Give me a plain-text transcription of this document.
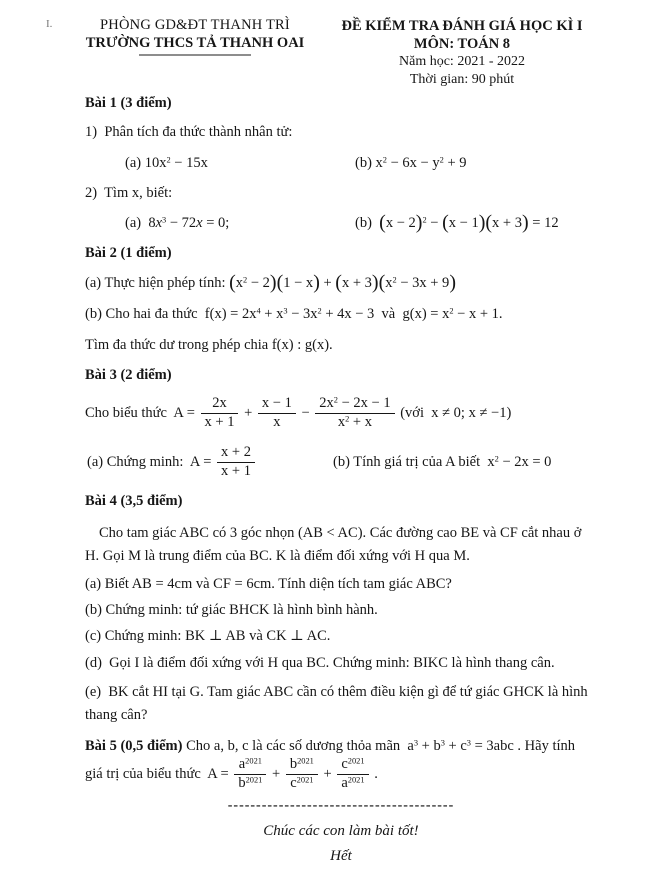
I.	PHÒNG GD&ĐT THANH TRÌ
TRƯỜNG THCS TẢ THANH OAI
ĐỀ KIỂM TRA ĐÁNH GIÁ HỌC KÌ I
MÔN: TOÁN 8
Năm học: 2021 - 2022
Thời gian: 90 phút
Bài 1 (3 điểm)

1)  Phân tích đa thức thành nhân tử:

(a) $10x^2 - 15x$	(b) $x^2 - 6x - y^2 + 9$

2)  Tìm x, biết:

(a)  $8x^3 - 72x = 0$;	(b)  $(x - 2)^2 - (x - 1)(x + 3) = 12$
Bài 2 (1 điểm)

(a) Thực hiện phép tính: $(x^2 - 2)(1 - x) + (x + 3)(x^2 - 3x + 9)$

(b) Cho hai đa thức  $f(x) = 2x^4 + x^3 - 3x^2 + 4x - 3$  và  $g(x) = x^2 - x + 1$.

Tìm đa thức dư trong phép chia f(x) : g(x).

Bài 3 (2 điểm)

Cho biểu thức  $A = \frac{2x}{x + 1} + \frac{x - 1}{x} - \frac{2x^2 - 2x - 1}{x^2 + x}$ (với  x ≠ 0; x ≠ −1)

(a) Chứng minh:  $A = \frac{x + 2}{x + 1}$	(b) Tính giá trị của A biết  $x^2 - 2x = 0$
Bài 4 (3,5 điểm)

Cho tam giác ABC có 3 góc nhọn (AB < AC). Các đường cao BE và CF cắt nhau ở H. Gọi M là trung điểm của BC. K là điểm đối xứng với H qua M.

(a) Biết AB = 4cm và CF = 6cm. Tính diện tích tam giác ABC?

(b) Chứng minh: tứ giác BHCK là hình bình hành.

(c) Chứng minh: BK ⊥ AB và CK ⊥ AC.

(d)  Gọi I là điểm đối xứng với H qua BC. Chứng minh: BIKC là hình thang cân.

(e)  BK cắt HI tại G. Tam giác ABC cần có thêm điều kiện gì để tứ giác GHCK là hình thang cân?

Bài 5 (0,5 điểm) Cho a, b, c là các số dương thỏa mãn  $a^3 + b^3 + c^3 = 3abc$ . Hãy tính

giá trị của biểu thức  $A = \frac{a^{2021}}{b^{2021}} + \frac{b^{2021}}{c^{2021}} + \frac{c^{2021}}{a^{2021}}$ .

----------------------------------------

Chúc các con làm bài tốt!

Hết
